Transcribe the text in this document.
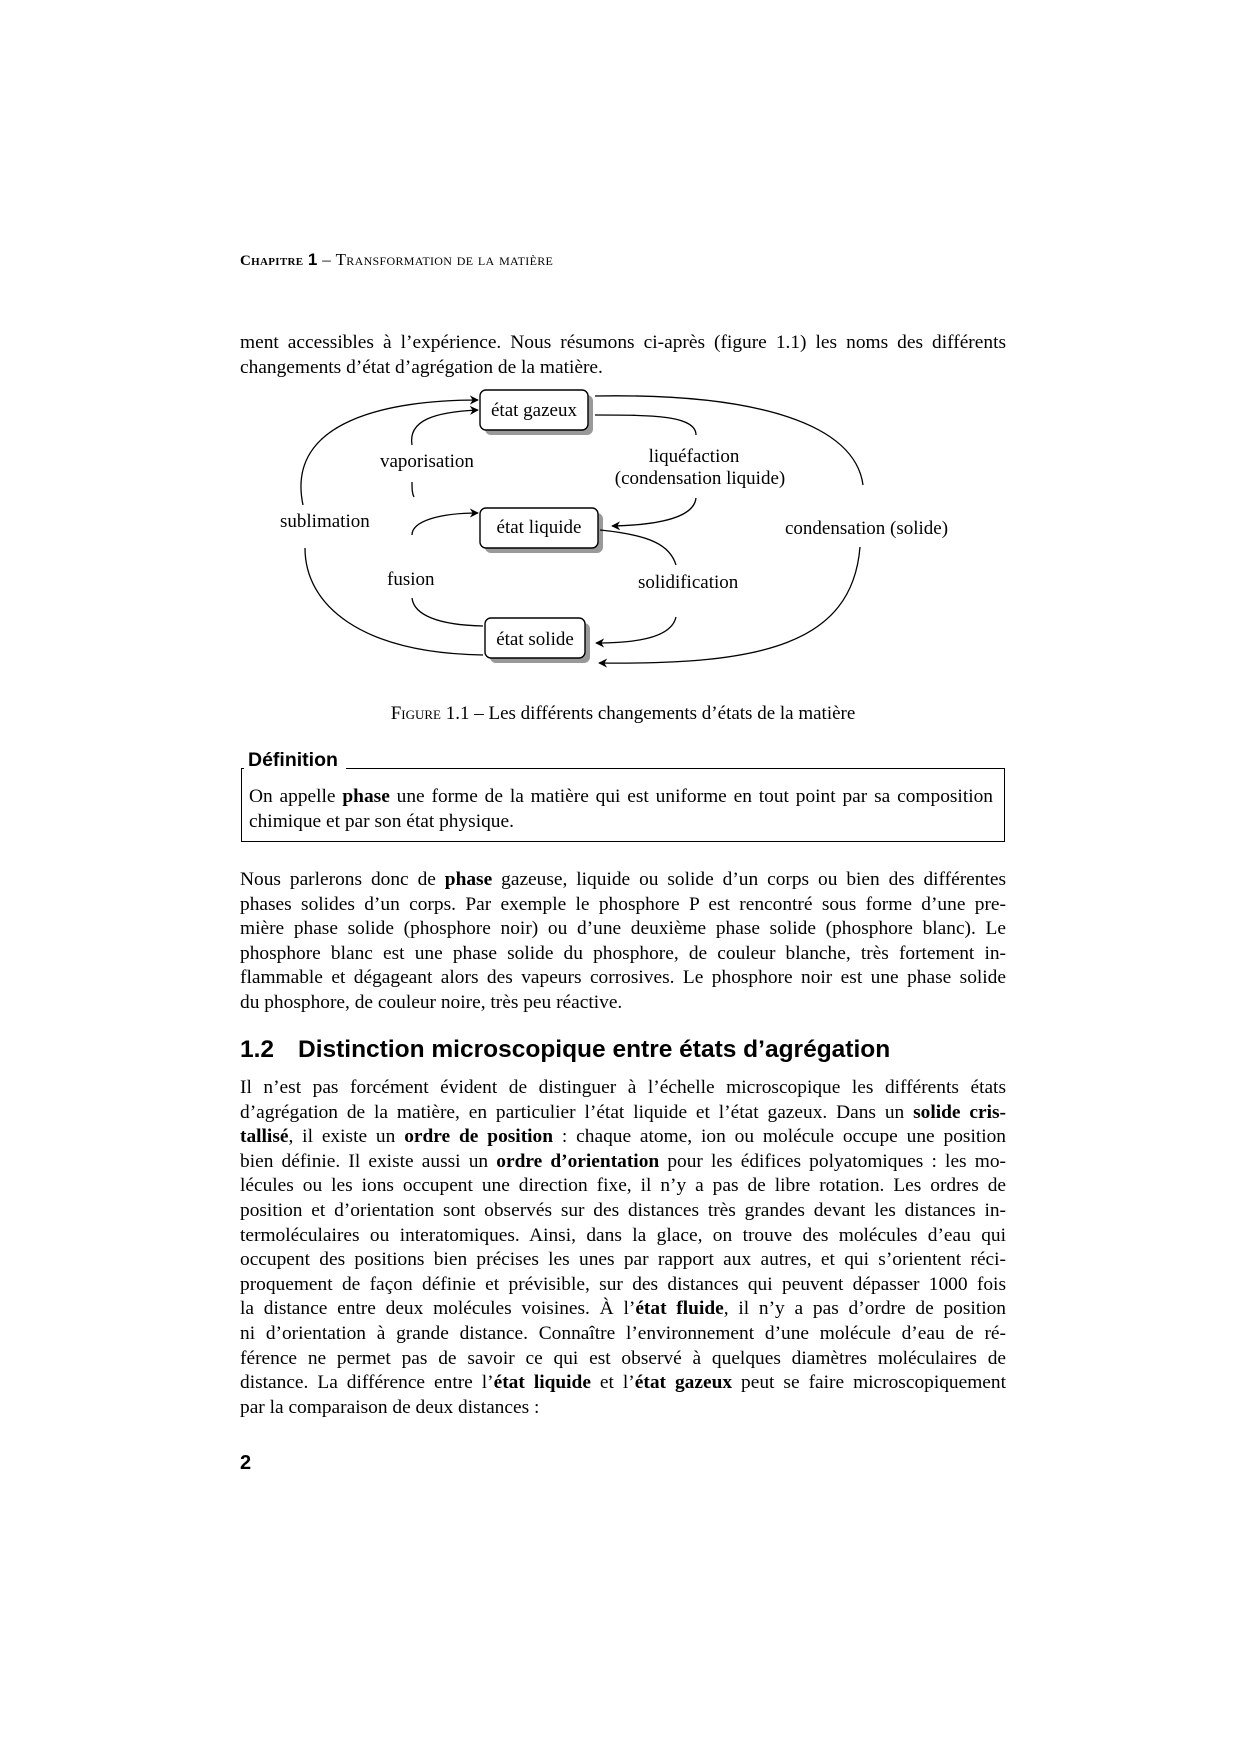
Chapitre 1 – Transformation de la matière
ment accessibles à l’expérience. Nous résumons ci-après (figure 1.1) les noms des différents
changements d’état d’agrégation de la matière.
état gazeux
état liquide
état solide
vaporisation	liquéfaction
(condensation liquide)
sublimation	condensation (solide)
fusion	solidification
Figure 1.1 – Les différents changements d’états de la matière
Définition
On appelle phase une forme de la matière qui est uniforme en tout point par sa composition
chimique et par son état physique.
Nous parlerons donc de phase gazeuse, liquide ou solide d’un corps ou bien des différentes
phases solides d’un corps. Par exemple le phosphore P est rencontré sous forme d’une pre-
mière phase solide (phosphore noir) ou d’une deuxième phase solide (phosphore blanc). Le
phosphore blanc est une phase solide du phosphore, de couleur blanche, très fortement in-
flammable et dégageant alors des vapeurs corrosives. Le phosphore noir est une phase solide
du phosphore, de couleur noire, très peu réactive.
1.2 Distinction microscopique entre états d’agrégation
Il n’est pas forcément évident de distinguer à l’échelle microscopique les différents états
d’agrégation de la matière, en particulier l’état liquide et l’état gazeux. Dans un solide cris-
tallisé, il existe un ordre de position : chaque atome, ion ou molécule occupe une position
bien définie. Il existe aussi un ordre d’orientation pour les édifices polyatomiques : les mo-
lécules ou les ions occupent une direction fixe, il n’y a pas de libre rotation. Les ordres de
position et d’orientation sont observés sur des distances très grandes devant les distances in-
termoléculaires ou interatomiques. Ainsi, dans la glace, on trouve des molécules d’eau qui
occupent des positions bien précises les unes par rapport aux autres, et qui s’orientent réci-
proquement de façon définie et prévisible, sur des distances qui peuvent dépasser 1000 fois
la distance entre deux molécules voisines. À l’état fluide, il n’y a pas d’ordre de position
ni d’orientation à grande distance. Connaître l’environnement d’une molécule d’eau de ré-
férence ne permet pas de savoir ce qui est observé à quelques diamètres moléculaires de
distance. La différence entre l’état liquide et l’état gazeux peut se faire microscopiquement
par la comparaison de deux distances :
2
